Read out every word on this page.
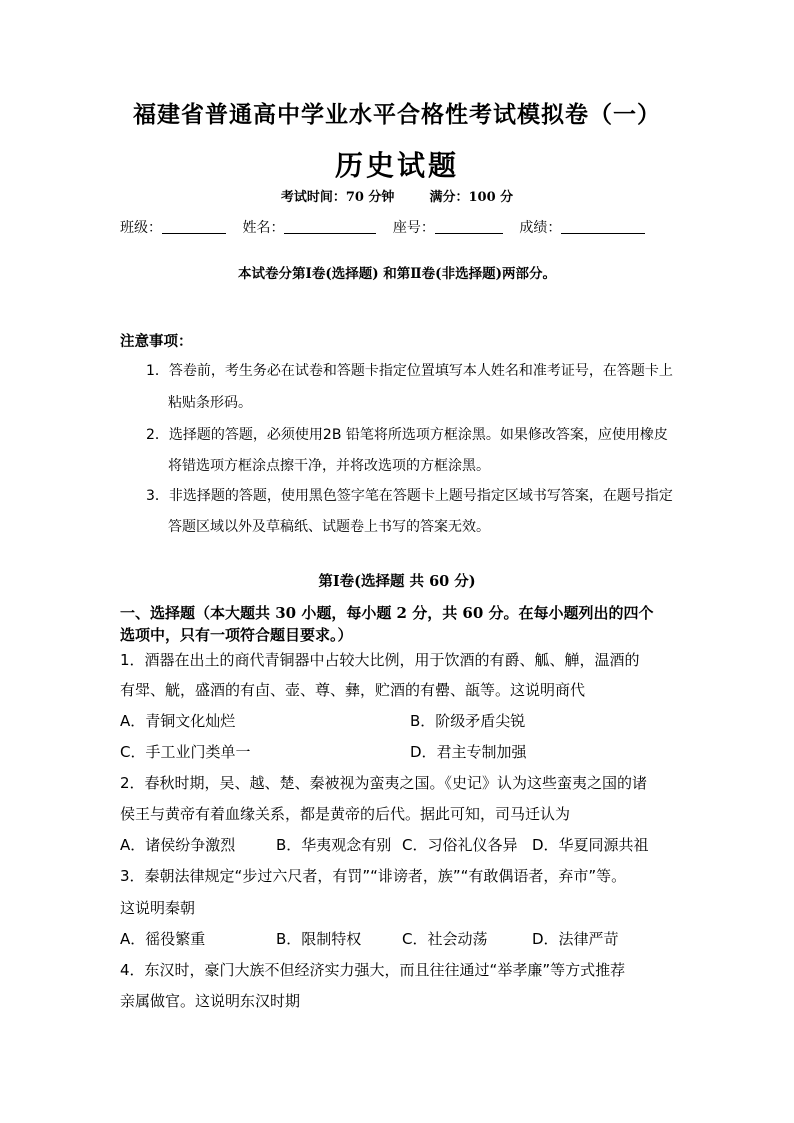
福建省普通高中学业水平合格性考试模拟卷（一）
历史试题
考试时间：70 分钟	满分：100 分
班级：	姓名：	座号：	成绩：
本试卷分第Ⅰ卷(选择题) 和第Ⅱ卷(非选择题)两部分。
注意事项：
1．答卷前，考生务必在试卷和答题卡指定位置填写本人姓名和准考证号，在答题卡上
粘贴条形码。
2．选择题的答题，必须使用2B 铅笔将所选项方框涂黑。如果修改答案，应使用橡皮
将错选项方框涂点擦干净，并将改选项的方框涂黑。
3．非选择题的答题，使用黑色签字笔在答题卡上题号指定区域书写答案，在题号指定
答题区域以外及草稿纸、试题卷上书写的答案无效。
第Ⅰ卷(选择题 共 60 分)
一、选择题（本大题共 30 小题，每小题 2 分，共 60 分。在每小题列出的四个
选项中，只有一项符合题目要求。）
1．酒器在出土的商代青铜器中占较大比例，用于饮酒的有爵、觚、觯，温酒的
有斝、觥，盛酒的有卣、壶、尊、彝，贮酒的有罍、瓿等。这说明商代
A．青铜文化灿烂	B．阶级矛盾尖锐
C．手工业门类单一	D．君主专制加强
2．春秋时期，吴、越、楚、秦被视为蛮夷之国。《史记》认为这些蛮夷之国的诸
侯王与黄帝有着血缘关系，都是黄帝的后代。据此可知，司马迁认为
A．诸侯纷争激烈	B．华夷观念有别 C．习俗礼仪各异 D．华夏同源共祖
3．秦朝法律规定“步过六尺者，有罚”“诽谤者，族”“有敢偶语者，弃市”等。
这说明秦朝
A．徭役繁重	B．限制特权	C．社会动荡	D．法律严苛
4．东汉时，豪门大族不但经济实力强大，而且往往通过“举孝廉”等方式推荐
亲属做官。这说明东汉时期
